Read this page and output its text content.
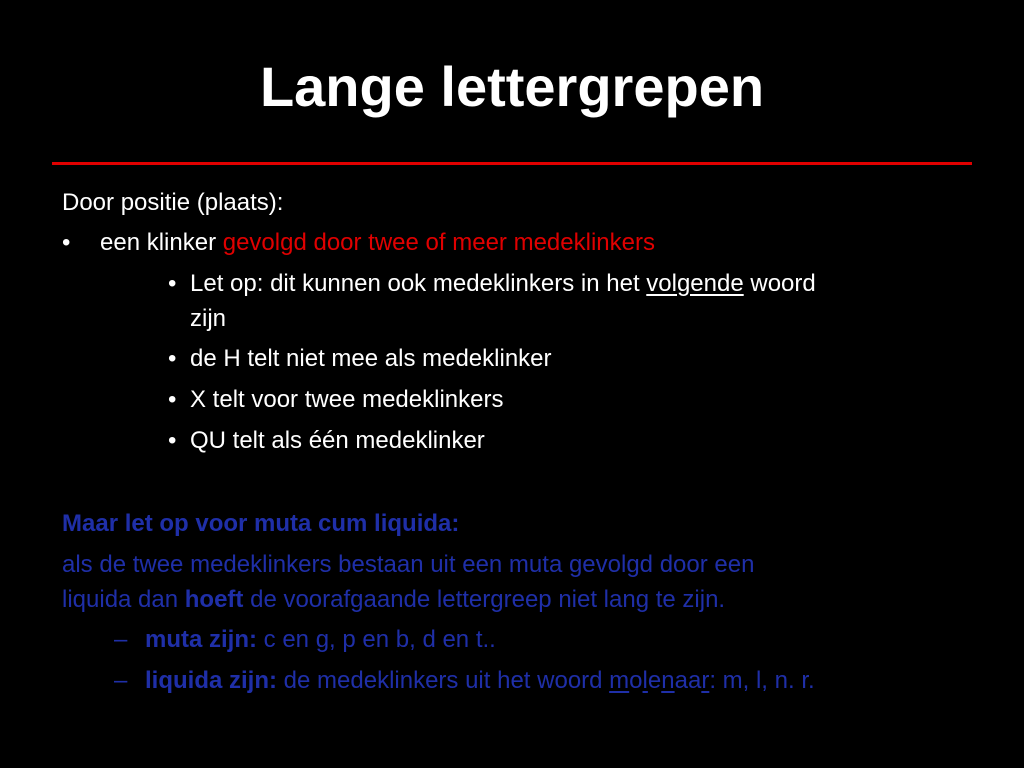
Lange lettergrepen
Door positie (plaats):
• een klinker gevolgd door twee of meer medeklinkers
• Let op: dit kunnen ook medeklinkers in het volgende woord
zijn
• de H telt niet mee als medeklinker
• X telt voor twee medeklinkers
• QU telt als één medeklinker
Maar let op voor muta cum liquida:
als de twee medeklinkers bestaan uit een muta gevolgd door een
liquida dan hoeft de voorafgaande lettergreep niet lang te zijn.
– muta zijn: c en g, p en b, d en t..
– liquida zijn: de medeklinkers uit het woord molenaar: m, l, n. r.
